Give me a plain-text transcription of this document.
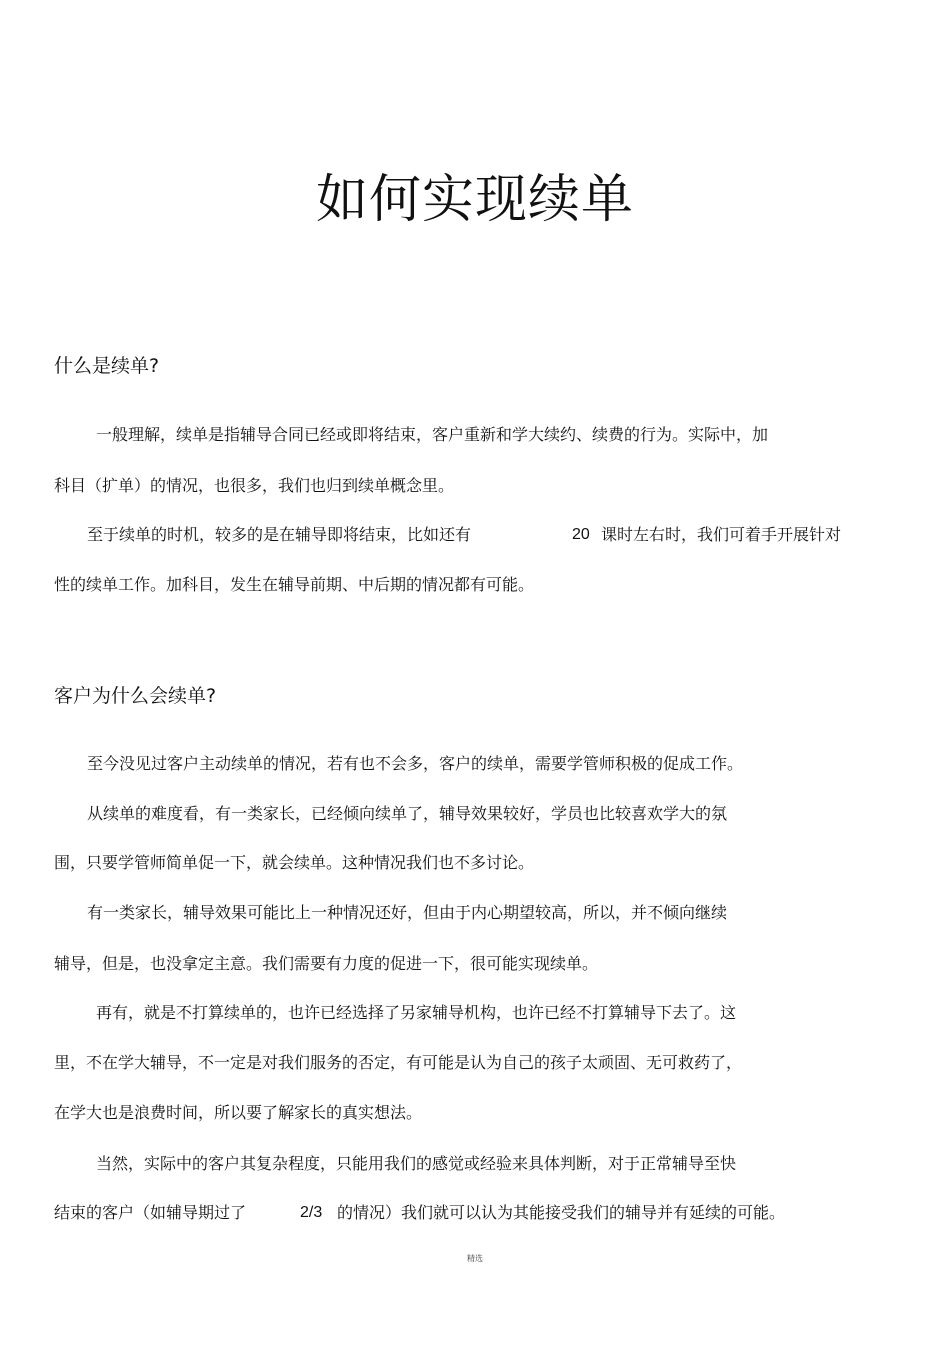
如何实现续单
什么是续单?

一般理解，续单是指辅导合同已经或即将结束，客户重新和学大续约、续费的行为。实际中，加

科目（扩单）的情况，也很多，我们也归到续单概念里。

至于续单的时机，较多的是在辅导即将结束，比如还有	20 课时左右时，我们可着手开展针对

性的续单工作。加科目，发生在辅导前期、中后期的情况都有可能。

客户为什么会续单?

至今没见过客户主动续单的情况，若有也不会多，客户的续单，需要学管师积极的促成工作。

从续单的难度看，有一类家长，已经倾向续单了，辅导效果较好，学员也比较喜欢学大的氛

围，只要学管师简单促一下，就会续单。这种情况我们也不多讨论。

有一类家长，辅导效果可能比上一种情况还好，但由于内心期望较高，所以，并不倾向继续

辅导，但是，也没拿定主意。我们需要有力度的促进一下，很可能实现续单。

再有，就是不打算续单的，也许已经选择了另家辅导机构，也许已经不打算辅导下去了。这

里，不在学大辅导，不一定是对我们服务的否定，有可能是认为自己的孩子太顽固、无可救药了，

在学大也是浪费时间，所以要了解家长的真实想法。

当然，实际中的客户其复杂程度，只能用我们的感觉或经验来具体判断，对于正常辅导至快

结束的客户（如辅导期过了	2/3 的情况）我们就可以认为其能接受我们的辅导并有延续的可能。

精选
